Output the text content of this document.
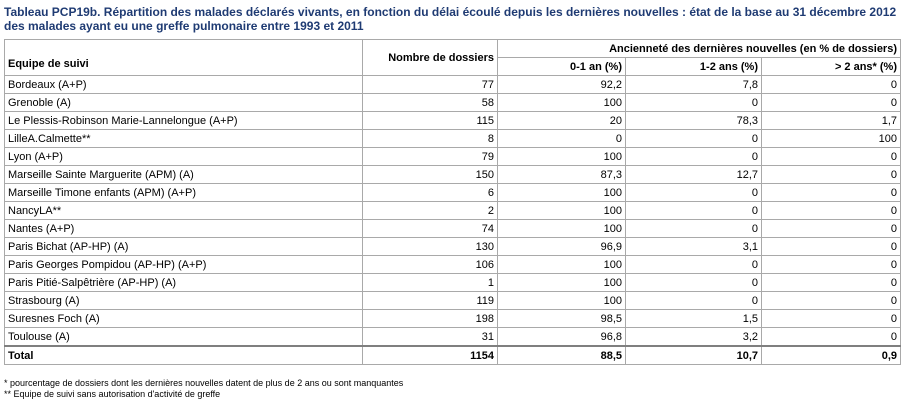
Tableau PCP19b. Répartition des malades déclarés vivants, en fonction du délai écoulé depuis les dernières nouvelles : état de la base au 31 décembre 2012 des malades ayant eu une greffe pulmonaire entre 1993 et 2011
Equipe de suivi	Nombre de dossiers	Ancienneté des dernières nouvelles (en % de dossiers)		
		0-1 an (%)	1-2 ans (%)	> 2 ans* (%)
Bordeaux (A+P)	77	92,2	7,8	0
Grenoble (A)	58	100	0	0
Le Plessis-Robinson Marie-Lannelongue (A+P)	115	20	78,3	1,7
LilleA.Calmette**	8	0	0	100
Lyon (A+P)	79	100	0	0
Marseille Sainte Marguerite (APM) (A)	150	87,3	12,7	0
Marseille Timone enfants (APM) (A+P)	6	100	0	0
NancyLA**	2	100	0	0
Nantes (A+P)	74	100	0	0
Paris Bichat (AP-HP) (A)	130	96,9	3,1	0
Paris Georges Pompidou (AP-HP) (A+P)	106	100	0	0
Paris Pitié-Salpêtrière (AP-HP) (A)	1	100	0	0
Strasbourg (A)	119	100	0	0
Suresnes Foch (A)	198	98,5	1,5	0
Toulouse (A)	31	96,8	3,2	0
Total	1154	88,5	10,7	0,9
* pourcentage de dossiers dont les dernières nouvelles datent de plus de 2 ans ou sont manquantes
** Equipe de suivi sans autorisation d'activité de greffe
